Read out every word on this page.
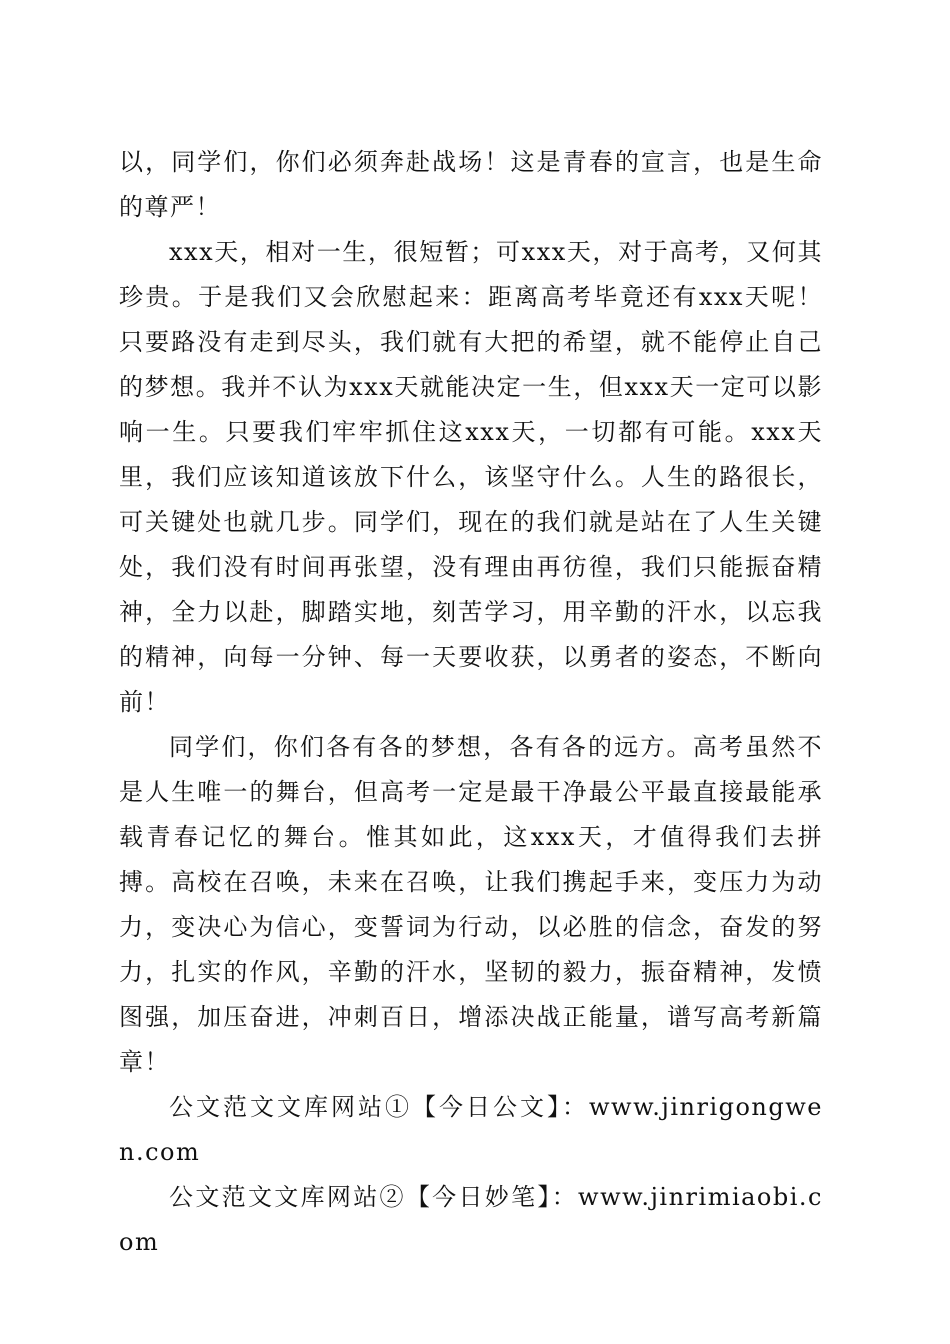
以，同学们，你们必须奔赴战场！这是青春的宣言，也是生命的尊严！

xxx天，相对一生，很短暂；可xxx天，对于高考，又何其珍贵。于是我们又会欣慰起来：距离高考毕竟还有xxx天呢！只要路没有走到尽头，我们就有大把的希望，就不能停止自己的梦想。我并不认为xxx天就能决定一生，但xxx天一定可以影响一生。只要我们牢牢抓住这xxx天，一切都有可能。xxx天里，我们应该知道该放下什么，该坚守什么。人生的路很长，可关键处也就几步。同学们，现在的我们就是站在了人生关键处，我们没有时间再张望，没有理由再彷徨，我们只能振奋精神，全力以赴，脚踏实地，刻苦学习，用辛勤的汗水，以忘我的精神，向每一分钟、每一天要收获，以勇者的姿态，不断向前！

同学们，你们各有各的梦想，各有各的远方。高考虽然不是人生唯一的舞台，但高考一定是最干净最公平最直接最能承载青春记忆的舞台。惟其如此，这xxx天，才值得我们去拼搏。高校在召唤，未来在召唤，让我们携起手来，变压力为动力，变决心为信心，变誓词为行动，以必胜的信念，奋发的努力，扎实的作风，辛勤的汗水，坚韧的毅力，振奋精神，发愤图强，加压奋进，冲刺百日，增添决战正能量，谱写高考新篇章！

公文范文文库网站①【今日公文】：www.jinrigongwen.com

公文范文文库网站②【今日妙笔】：www.jinrimiaobi.com
